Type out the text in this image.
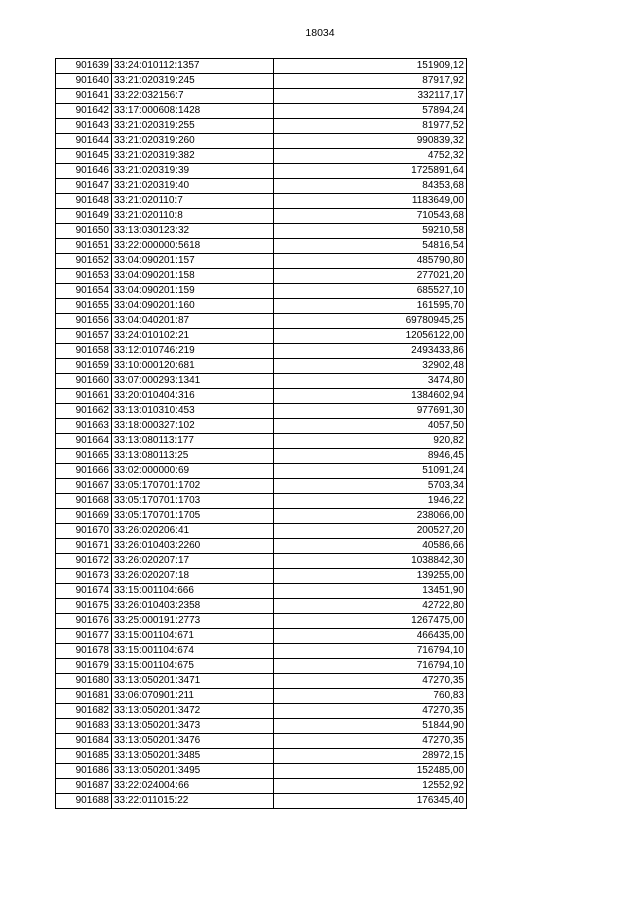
18034
901639	33:24:010112:1357	151909,12
901640	33:21:020319:245	87917,92
901641	33:22:032156:7	332117,17
901642	33:17:000608:1428	57894,24
901643	33:21:020319:255	81977,52
901644	33:21:020319:260	990839,32
901645	33:21:020319:382	4752,32
901646	33:21:020319:39	1725891,64
901647	33:21:020319:40	84353,68
901648	33:21:020110:7	1183649,00
901649	33:21:020110:8	710543,68
901650	33:13:030123:32	59210,58
901651	33:22:000000:5618	54816,54
901652	33:04:090201:157	485790,80
901653	33:04:090201:158	277021,20
901654	33:04:090201:159	685527,10
901655	33:04:090201:160	161595,70
901656	33:04:040201:87	69780945,25
901657	33:24:010102:21	12056122,00
901658	33:12:010746:219	2493433,86
901659	33:10:000120:681	32902,48
901660	33:07:000293:1341	3474,80
901661	33:20:010404:316	1384602,94
901662	33:13:010310:453	977691,30
901663	33:18:000327:102	4057,50
901664	33:13:080113:177	920,82
901665	33:13:080113:25	8946,45
901666	33:02:000000:69	51091,24
901667	33:05:170701:1702	5703,34
901668	33:05:170701:1703	1946,22
901669	33:05:170701:1705	238066,00
901670	33:26:020206:41	200527,20
901671	33:26:010403:2260	40586,66
901672	33:26:020207:17	1038842,30
901673	33:26:020207:18	139255,00
901674	33:15:001104:666	13451,90
901675	33:26:010403:2358	42722,80
901676	33:25:000191:2773	1267475,00
901677	33:15:001104:671	466435,00
901678	33:15:001104:674	716794,10
901679	33:15:001104:675	716794,10
901680	33:13:050201:3471	47270,35
901681	33:06:070901:211	760,83
901682	33:13:050201:3472	47270,35
901683	33:13:050201:3473	51844,90
901684	33:13:050201:3476	47270,35
901685	33:13:050201:3485	28972,15
901686	33:13:050201:3495	152485,00
901687	33:22:024004:66	12552,92
901688	33:22:011015:22	176345,40
